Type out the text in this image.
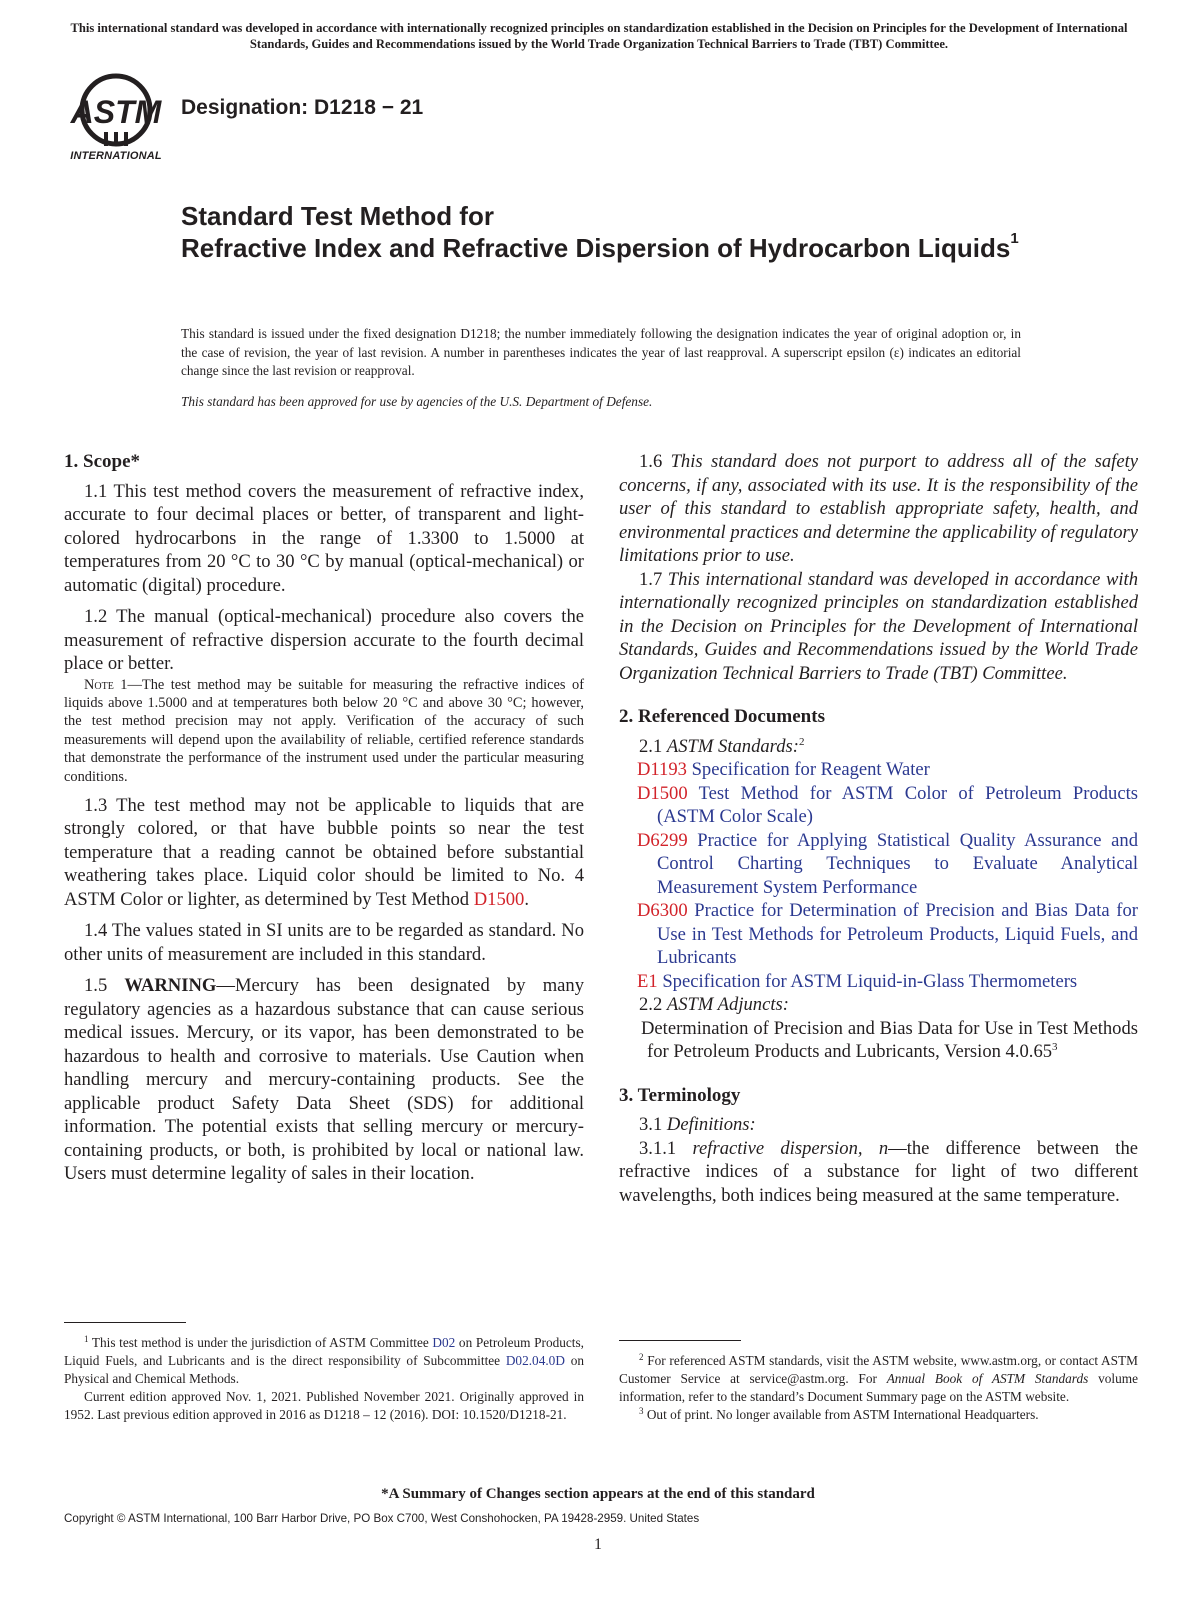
This international standard was developed in accordance with internationally recognized principles on standardization established in the Decision on Principles for the Development of International Standards, Guides and Recommendations issued by the World Trade Organization Technical Barriers to Trade (TBT) Committee.
ASTM
INTERNATIONAL
Designation: D1218 − 21
Standard Test Method for
Refractive Index and Refractive Dispersion of Hydrocarbon Liquids$^1$
This standard is issued under the fixed designation D1218; the number immediately following the designation indicates the year of original adoption or, in the case of revision, the year of last revision. A number in parentheses indicates the year of last reapproval. A superscript epsilon (ε) indicates an editorial change since the last revision or reapproval.
This standard has been approved for use by agencies of the U.S. Department of Defense.

1. Scope*

1.1 This test method covers the measurement of refractive index, accurate to four decimal places or better, of transparent and light-colored hydrocarbons in the range of 1.3300 to 1.5000 at temperatures from 20 °C to 30 °C by manual (optical-mechanical) or automatic (digital) procedure.

1.2 The manual (optical-mechanical) procedure also covers the measurement of refractive dispersion accurate to the fourth decimal place or better.

Note 1—The test method may be suitable for measuring the refractive indices of liquids above 1.5000 and at temperatures both below 20 °C and above 30 °C; however, the test method precision may not apply. Verification of the accuracy of such measurements will depend upon the availability of reliable, certified reference standards that demonstrate the performance of the instrument used under the particular measuring conditions.

1.3 The test method may not be applicable to liquids that are strongly colored, or that have bubble points so near the test temperature that a reading cannot be obtained before substantial weathering takes place. Liquid color should be limited to No. 4 ASTM Color or lighter, as determined by Test Method D1500.

1.4 The values stated in SI units are to be regarded as standard. No other units of measurement are included in this standard.

1.5 WARNING—Mercury has been designated by many regulatory agencies as a hazardous substance that can cause serious medical issues. Mercury, or its vapor, has been demonstrated to be hazardous to health and corrosive to materials. Use Caution when handling mercury and mercury-containing products. See the applicable product Safety Data Sheet (SDS) for additional information. The potential exists that selling mercury or mercury-containing products, or both, is prohibited by local or national law. Users must determine legality of sales in their location.

$^1$ This test method is under the jurisdiction of ASTM Committee D02 on Petroleum Products, Liquid Fuels, and Lubricants and is the direct responsibility of Subcommittee D02.04.0D on Physical and Chemical Methods.

Current edition approved Nov. 1, 2021. Published November 2021. Originally approved in 1952. Last previous edition approved in 2016 as D1218 – 12 (2016). DOI: 10.1520/D1218-21.

1.6 This standard does not purport to address all of the safety concerns, if any, associated with its use. It is the responsibility of the user of this standard to establish appropriate safety, health, and environmental practices and determine the applicability of regulatory limitations prior to use.

1.7 This international standard was developed in accordance with internationally recognized principles on standardization established in the Decision on Principles for the Development of International Standards, Guides and Recommendations issued by the World Trade Organization Technical Barriers to Trade (TBT) Committee.

2. Referenced Documents

2.1 ASTM Standards:$^2$

D1193 Specification for Reagent Water

D1500 Test Method for ASTM Color of Petroleum Products (ASTM Color Scale)

D6299 Practice for Applying Statistical Quality Assurance and Control Charting Techniques to Evaluate Analytical Measurement System Performance

D6300 Practice for Determination of Precision and Bias Data for Use in Test Methods for Petroleum Products, Liquid Fuels, and Lubricants

E1 Specification for ASTM Liquid-in-Glass Thermometers

2.2 ASTM Adjuncts:

Determination of Precision and Bias Data for Use in Test Methods for Petroleum Products and Lubricants, Version 4.0.65$^3$

3. Terminology

3.1 Definitions:

3.1.1 refractive dispersion, n—the difference between the refractive indices of a substance for light of two different wavelengths, both indices being measured at the same temperature.

$^2$ For referenced ASTM standards, visit the ASTM website, www.astm.org, or contact ASTM Customer Service at service@astm.org. For Annual Book of ASTM Standards volume information, refer to the standard’s Document Summary page on the ASTM website.

$^3$ Out of print. No longer available from ASTM International Headquarters.

*A Summary of Changes section appears at the end of this standard
Copyright © ASTM International, 100 Barr Harbor Drive, PO Box C700, West Conshohocken, PA 19428-2959. United States
1
